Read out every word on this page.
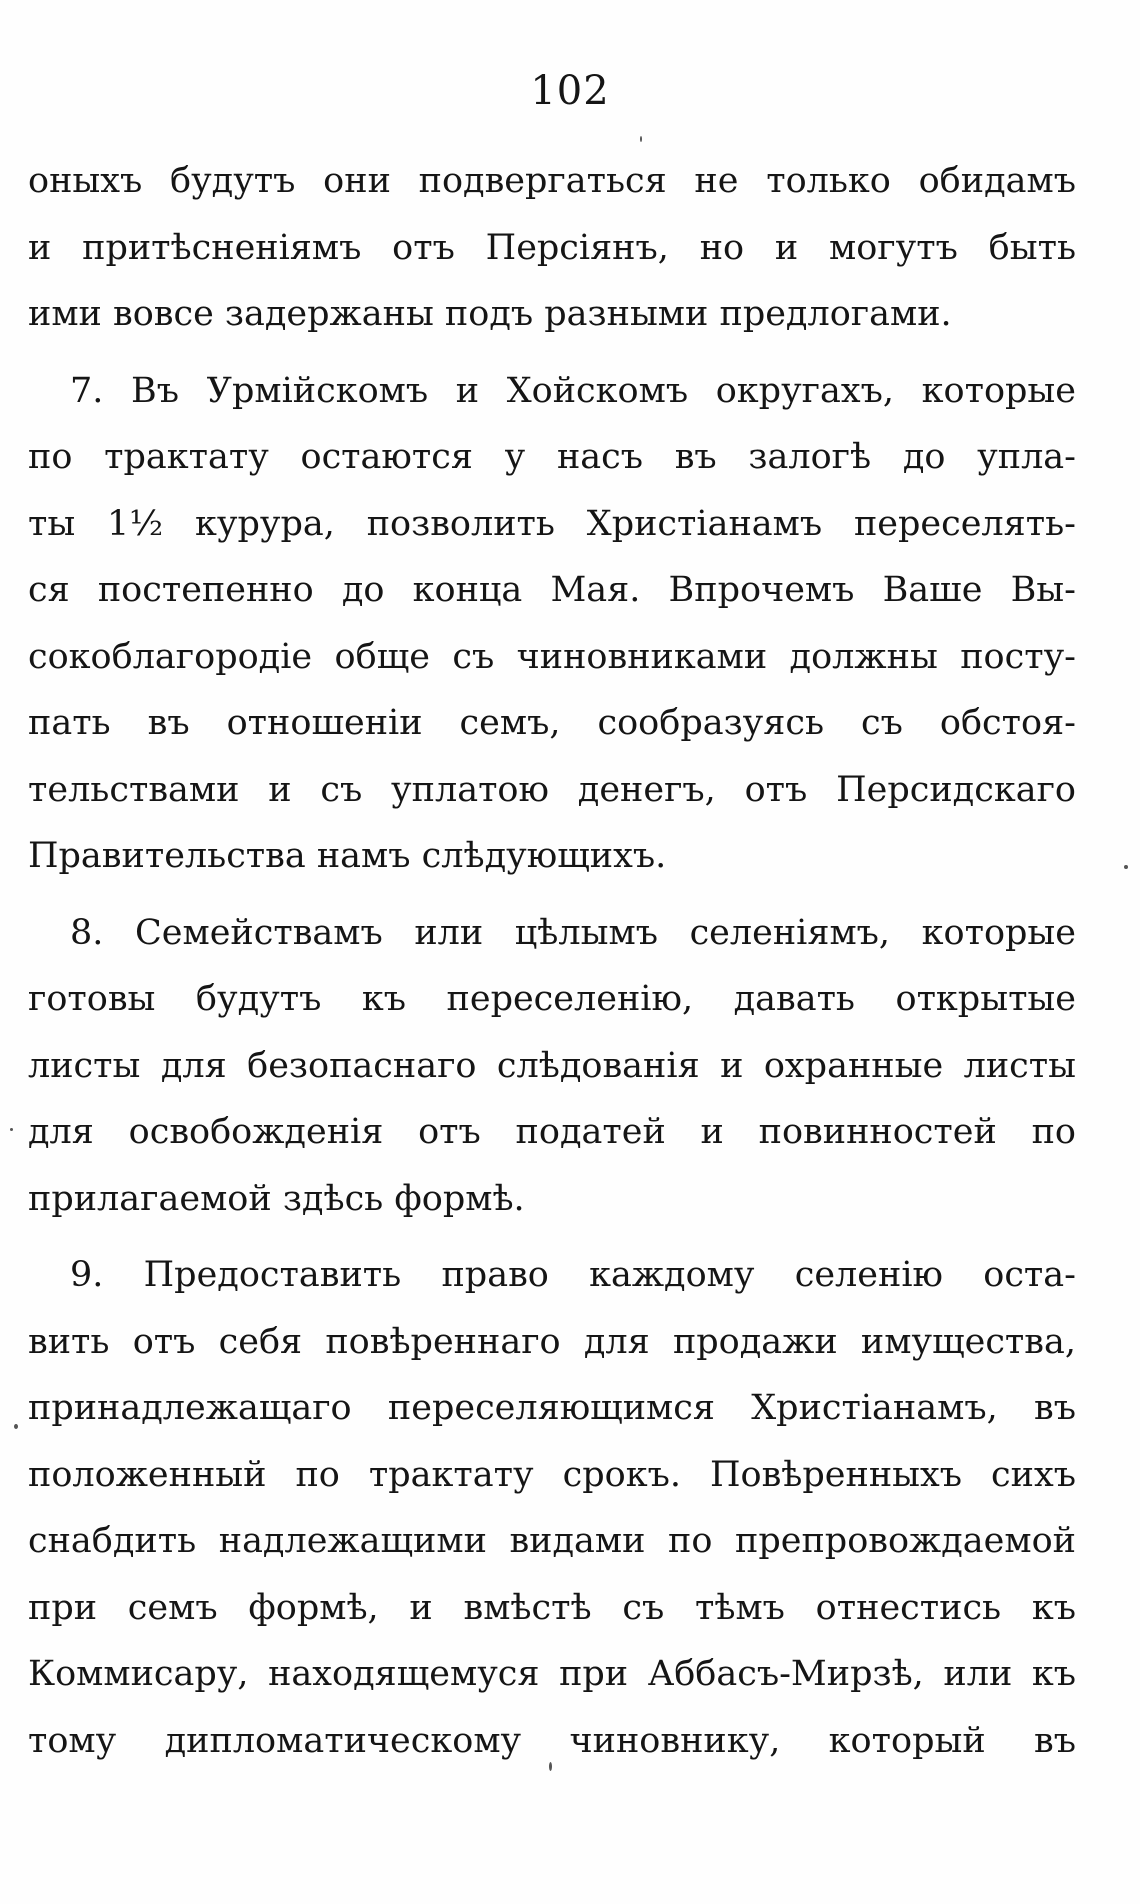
102
оныхъ будутъ они подвергаться не только обидамъ
и притѣсненiямъ отъ Персiянъ, но и могутъ быть
ими вовсе задержаны подъ разными предлогами.
7. Въ Урмiйскомъ и Хойскомъ округахъ, которые
по трактату остаются у насъ въ залогѣ до упла-
ты 1½ курура, позволить Христiанамъ переселять-
ся постепенно до конца Мая. Впрочемъ Ваше Вы-
сокоблагородiе обще съ чиновниками должны посту-
пать въ отношенiи семъ, сообразуясь съ обстоя-
тельствами и съ уплатою денегъ, отъ Персидскаго
Правительства намъ слѣдующихъ.
8. Семействамъ или цѣлымъ селенiямъ, которые
готовы будутъ къ переселенiю, давать открытые
листы для безопаснаго слѣдованiя и охранные листы
для освобожденiя отъ податей и повинностей по
прилагаемой здѣсь формѣ.
9. Предоставить право каждому селенiю оста-
вить отъ себя повѣреннаго для продажи имущества,
принадлежащаго переселяющимся Христiанамъ, въ
положенный по трактату срокъ. Повѣренныхъ сихъ
снабдить надлежащими видами по препровождаемой
при семъ формѣ, и вмѣстѣ съ тѣмъ отнестись къ
Коммисару, находящемуся при Аббасъ-Мирзѣ, или къ
тому дипломатическому чиновнику, который въ
